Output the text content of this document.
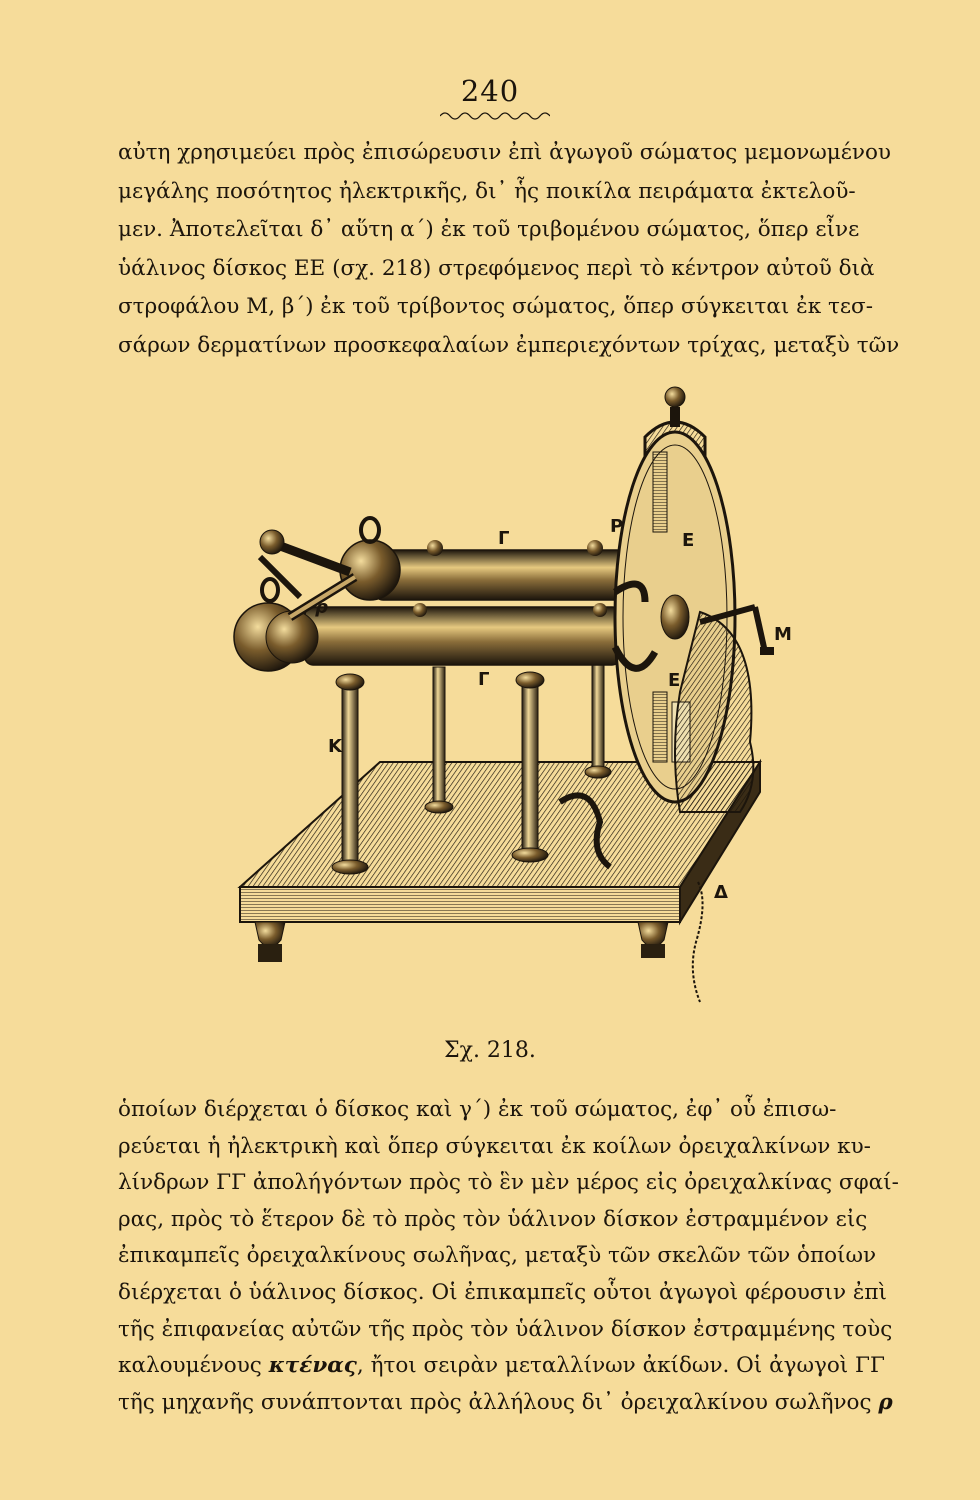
240

αὐτη χρησιμεύει πρὸς ἐπισώρευσιν ἐπὶ ἀγωγοῦ σώματος μεμονωμένου
μεγάλης ποσότητος ἠλεκτρικῆς, δι᾽ ἧς ποικίλα πειράματα ἐκτελοῦ-
μεν. Ἀποτελεῖται δ᾽ αὕτη α΄) ἐκ τοῦ τριβομένου σώματος, ὅπερ εἶνε
ὑάλινος δίσκος ΕΕ (σχ. 218) στρεφόμενος περὶ τὸ κέντρον αὐτοῦ διὰ
στροφάλου Μ, β΄) ἐκ τοῦ τρίβοντος σώματος, ὅπερ σύγκειται ἐκ τεσ-
σάρων δερματίνων προσκεφαλαίων ἐμπεριεχόντων τρίχας, μεταξὺ τῶν

Γ
Γ
ρ
Ε
Ε
Μ
Κ
Δ
Ρ
Σχ. 218.

ὁποίων διέρχεται ὁ δίσκος καὶ γ΄) ἐκ τοῦ σώματος, ἐφ᾽ οὗ ἐπισω-
ρεύεται ἡ ἠλεκτρικὴ καὶ ὅπερ σύγκειται ἐκ κοίλων ὀρειχαλκίνων κυ-
λίνδρων ΓΓ ἀπολήγόντων πρὸς τὸ ἓν μὲν μέρος εἰς ὀρειχαλκίνας σφαί-
ρας, πρὸς τὸ ἕτερον δὲ τὸ πρὸς τὸν ὑάλινον δίσκον ἐστραμμένον εἰς
ἐπικαμπεῖς ὀρειχαλκίνους σωλῆνας, μεταξὺ τῶν σκελῶν τῶν ὁποίων
διέρχεται ὁ ὑάλινος δίσκος. Οἱ ἐπικαμπεῖς οὗτοι ἀγωγοὶ φέρουσιν ἐπὶ
τῆς ἐπιφανείας αὐτῶν τῆς πρὸς τὸν ὑάλινον δίσκον ἐστραμμένης τοὺς
καλουμένους κτένας, ἤτοι σειρὰν μεταλλίνων ἀκίδων. Οἱ ἀγωγοὶ ΓΓ
τῆς μηχανῆς συνάπτονται πρὸς ἀλλήλους δι᾽ ὀρειχαλκίνου σωλῆνος ρ
